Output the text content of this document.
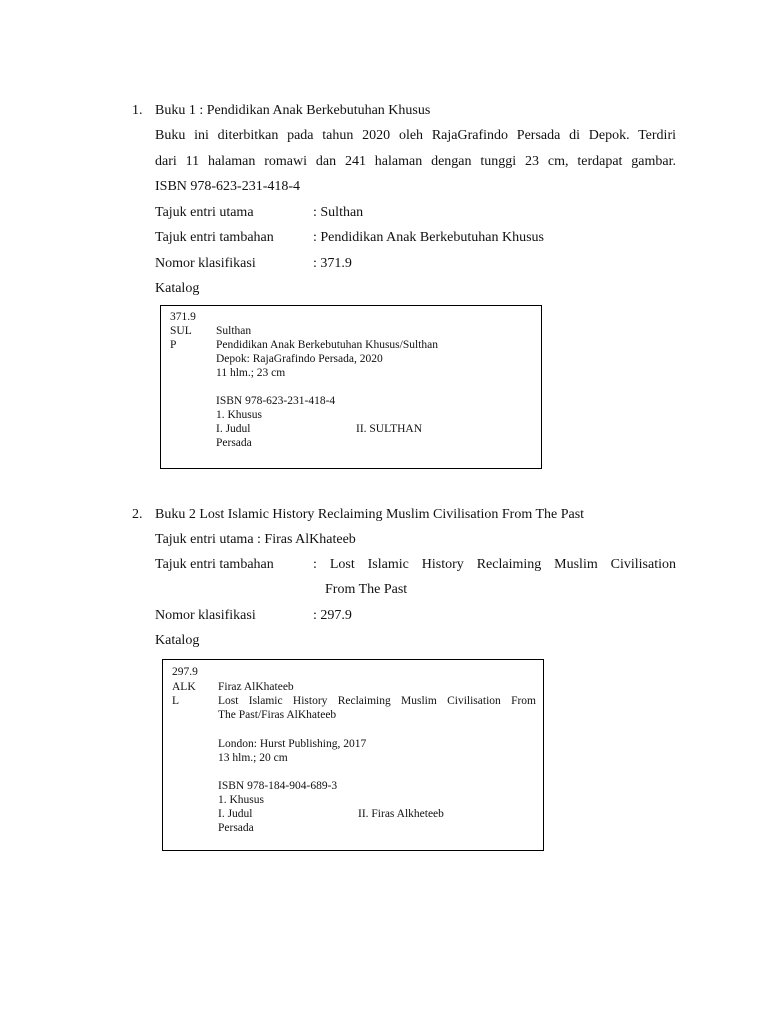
1. Buku 1 : Pendidikan Anak Berkebutuhan Khusus
Buku ini diterbitkan pada tahun 2020 oleh RajaGrafindo Persada di Depok. Terdiri
dari 11 halaman romawi dan 241 halaman dengan tunggi 23 cm, terdapat gambar.
ISBN 978-623-231-418-4
Tajuk entri utama	: Sulthan
Tajuk entri tambahan	: Pendidikan Anak Berkebutuhan Khusus
Nomor klasifikasi	: 371.9
Katalog
371.9
SUL
P
Sulthan
Pendidikan Anak Berkebutuhan Khusus/Sulthan
Depok: RajaGrafindo Persada, 2020
11 hlm.; 23 cm
ISBN 978-623-231-418-4
1. Khusus
I. Judul	II. SULTHAN
Persada
2. Buku 2 Lost Islamic History Reclaiming Muslim Civilisation From The Past
Tajuk entri utama : Firas AlKhateeb
Tajuk entri tambahan	: Lost Islamic History Reclaiming Muslim Civilisation
From The Past
Nomor klasifikasi	: 297.9
Katalog
297.9
ALK
L
Firaz AlKhateeb
Lost Islamic History Reclaiming Muslim Civilisation From
The Past/Firas AlKhateeb
London: Hurst Publishing, 2017
13 hlm.; 20 cm
ISBN 978-184-904-689-3
1. Khusus
I. Judul	II. Firas Alkheteeb
Persada
